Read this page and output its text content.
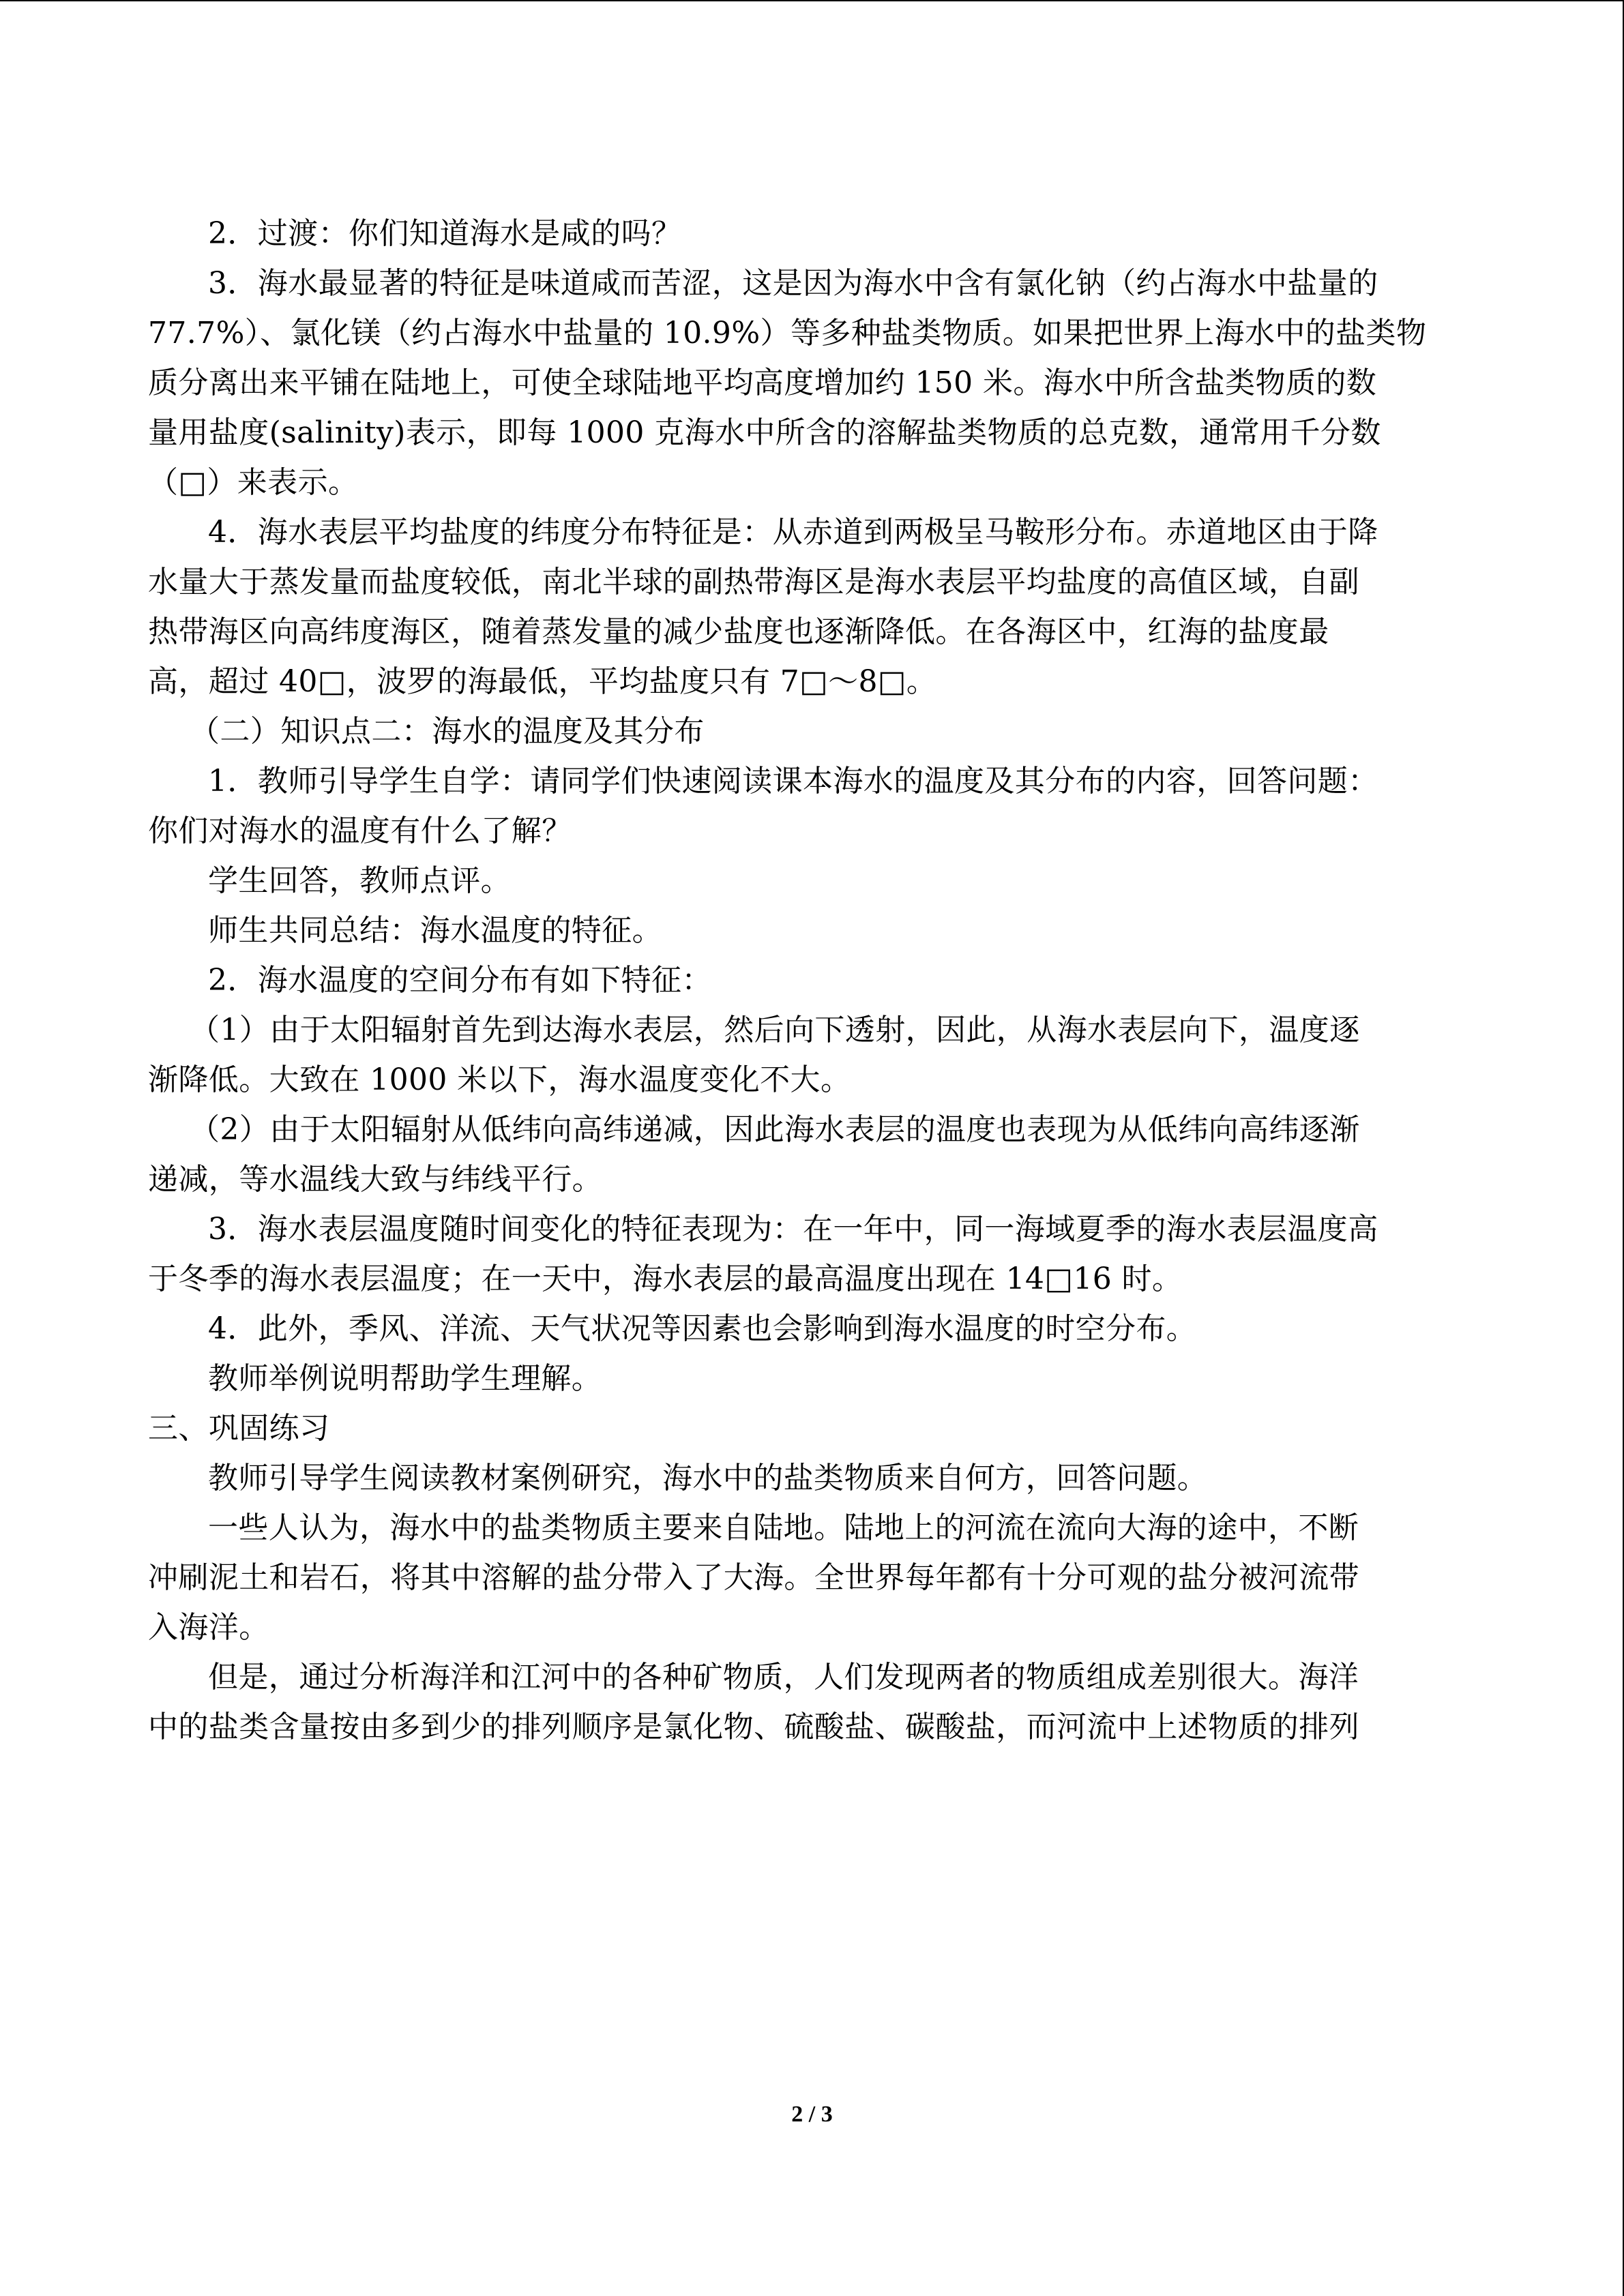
2．过渡：你们知道海水是咸的吗？
3．海水最显著的特征是味道咸而苦涩，这是因为海水中含有氯化钠（约占海水中盐量的
77.7%）、氯化镁（约占海水中盐量的 10.9%）等多种盐类物质。如果把世界上海水中的盐类物
质分离出来平铺在陆地上，可使全球陆地平均高度增加约 150 米。海水中所含盐类物质的数
量用盐度(salinity)表示，即每 1000 克海水中所含的溶解盐类物质的总克数，通常用千分数
（□）来表示。
4．海水表层平均盐度的纬度分布特征是：从赤道到两极呈马鞍形分布。赤道地区由于降
水量大于蒸发量而盐度较低，南北半球的副热带海区是海水表层平均盐度的高值区域，自副
热带海区向高纬度海区，随着蒸发量的减少盐度也逐渐降低。在各海区中，红海的盐度最
高，超过 40□，波罗的海最低，平均盐度只有 7□～8□。
（二）知识点二：海水的温度及其分布
1．教师引导学生自学：请同学们快速阅读课本海水的温度及其分布的内容，回答问题：
你们对海水的温度有什么了解？
学生回答，教师点评。
师生共同总结：海水温度的特征。
2．海水温度的空间分布有如下特征：
（1）由于太阳辐射首先到达海水表层，然后向下透射，因此，从海水表层向下，温度逐
渐降低。大致在 1000 米以下，海水温度变化不大。
（2）由于太阳辐射从低纬向高纬递减，因此海水表层的温度也表现为从低纬向高纬逐渐
递减，等水温线大致与纬线平行。
3．海水表层温度随时间变化的特征表现为：在一年中，同一海域夏季的海水表层温度高
于冬季的海水表层温度；在一天中，海水表层的最高温度出现在 14□16 时。
4．此外，季风、洋流、天气状况等因素也会影响到海水温度的时空分布。
教师举例说明帮助学生理解。
三、巩固练习
教师引导学生阅读教材案例研究，海水中的盐类物质来自何方，回答问题。
一些人认为，海水中的盐类物质主要来自陆地。陆地上的河流在流向大海的途中，不断
冲刷泥土和岩石，将其中溶解的盐分带入了大海。全世界每年都有十分可观的盐分被河流带
入海洋。
但是，通过分析海洋和江河中的各种矿物质，人们发现两者的物质组成差别很大。海洋
中的盐类含量按由多到少的排列顺序是氯化物、硫酸盐、碳酸盐，而河流中上述物质的排列
2 / 3
